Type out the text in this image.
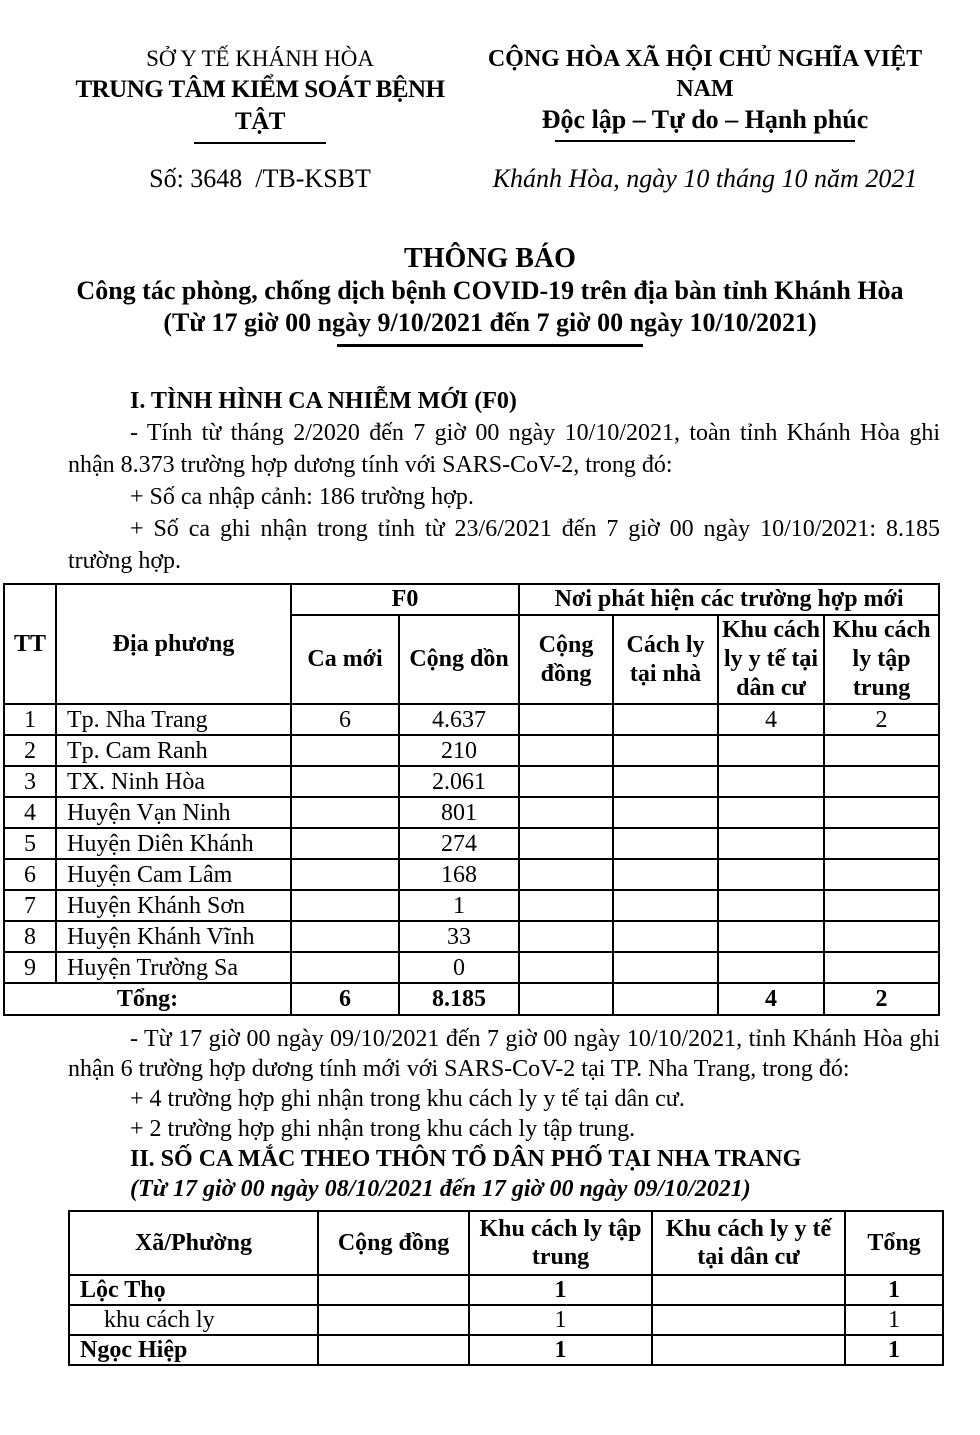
SỞ Y TẾ KHÁNH HÒA
TRUNG TÂM KIỂM SOÁT BỆNH TẬT
CỘNG HÒA XÃ HỘI CHỦ NGHĨA VIỆT NAM
Độc lập – Tự do – Hạnh phúc
Số: 3648  /TB-KSBT	Khánh Hòa, ngày 10 tháng 10 năm 2021
THÔNG BÁO
Công tác phòng, chống dịch bệnh COVID-19 trên địa bàn tỉnh Khánh Hòa
(Từ 17 giờ 00 ngày 9/10/2021 đến 7 giờ 00 ngày 10/10/2021)

I. TÌNH HÌNH CA NHIỄM MỚI (F0)

- Tính từ tháng 2/2020 đến 7 giờ 00 ngày 10/10/2021, toàn tỉnh Khánh Hòa ghi nhận 8.373 trường hợp dương tính với SARS-CoV-2, trong đó:

+ Số ca nhập cảnh: 186 trường hợp.

+ Số ca ghi nhận trong tỉnh từ 23/6/2021 đến 7 giờ 00 ngày 10/10/2021: 8.185 trường hợp.

TT	Địa phương	F0		Nơi phát hiện các trường hợp mới			
		Ca mới	Cộng dồn	Cộng đồng	Cách ly tại nhà	Khu cách ly y tế tại dân cư	Khu cách ly tập trung
1	Tp. Nha Trang	6	4.637			4	2
2	Tp. Cam Ranh		210				
3	TX. Ninh Hòa		2.061				
4	Huyện Vạn Ninh		801				
5	Huyện Diên Khánh		274				
6	Huyện Cam Lâm		168				
7	Huyện Khánh Sơn		1				
8	Huyện Khánh Vĩnh		33				
9	Huyện Trường Sa		0				
Tổng:		6	8.185			4	2

- Từ 17 giờ 00 ngày 09/10/2021 đến 7 giờ 00 ngày 10/10/2021, tỉnh Khánh Hòa ghi nhận 6 trường hợp dương tính mới với SARS-CoV-2 tại TP. Nha Trang, trong đó:

+ 4 trường hợp ghi nhận trong khu cách ly y tế tại dân cư.

+ 2 trường hợp ghi nhận trong khu cách ly tập trung.

II. SỐ CA MẮC THEO THÔN TỔ DÂN PHỐ TẠI NHA TRANG

(Từ 17 giờ 00 ngày 08/10/2021 đến 17 giờ 00 ngày 09/10/2021)

Xã/Phường	Cộng đồng	Khu cách ly tập trung	Khu cách ly y tế tại dân cư	Tổng
Lộc Thọ		1		1
khu cách ly		1		1
Ngọc Hiệp		1		1
